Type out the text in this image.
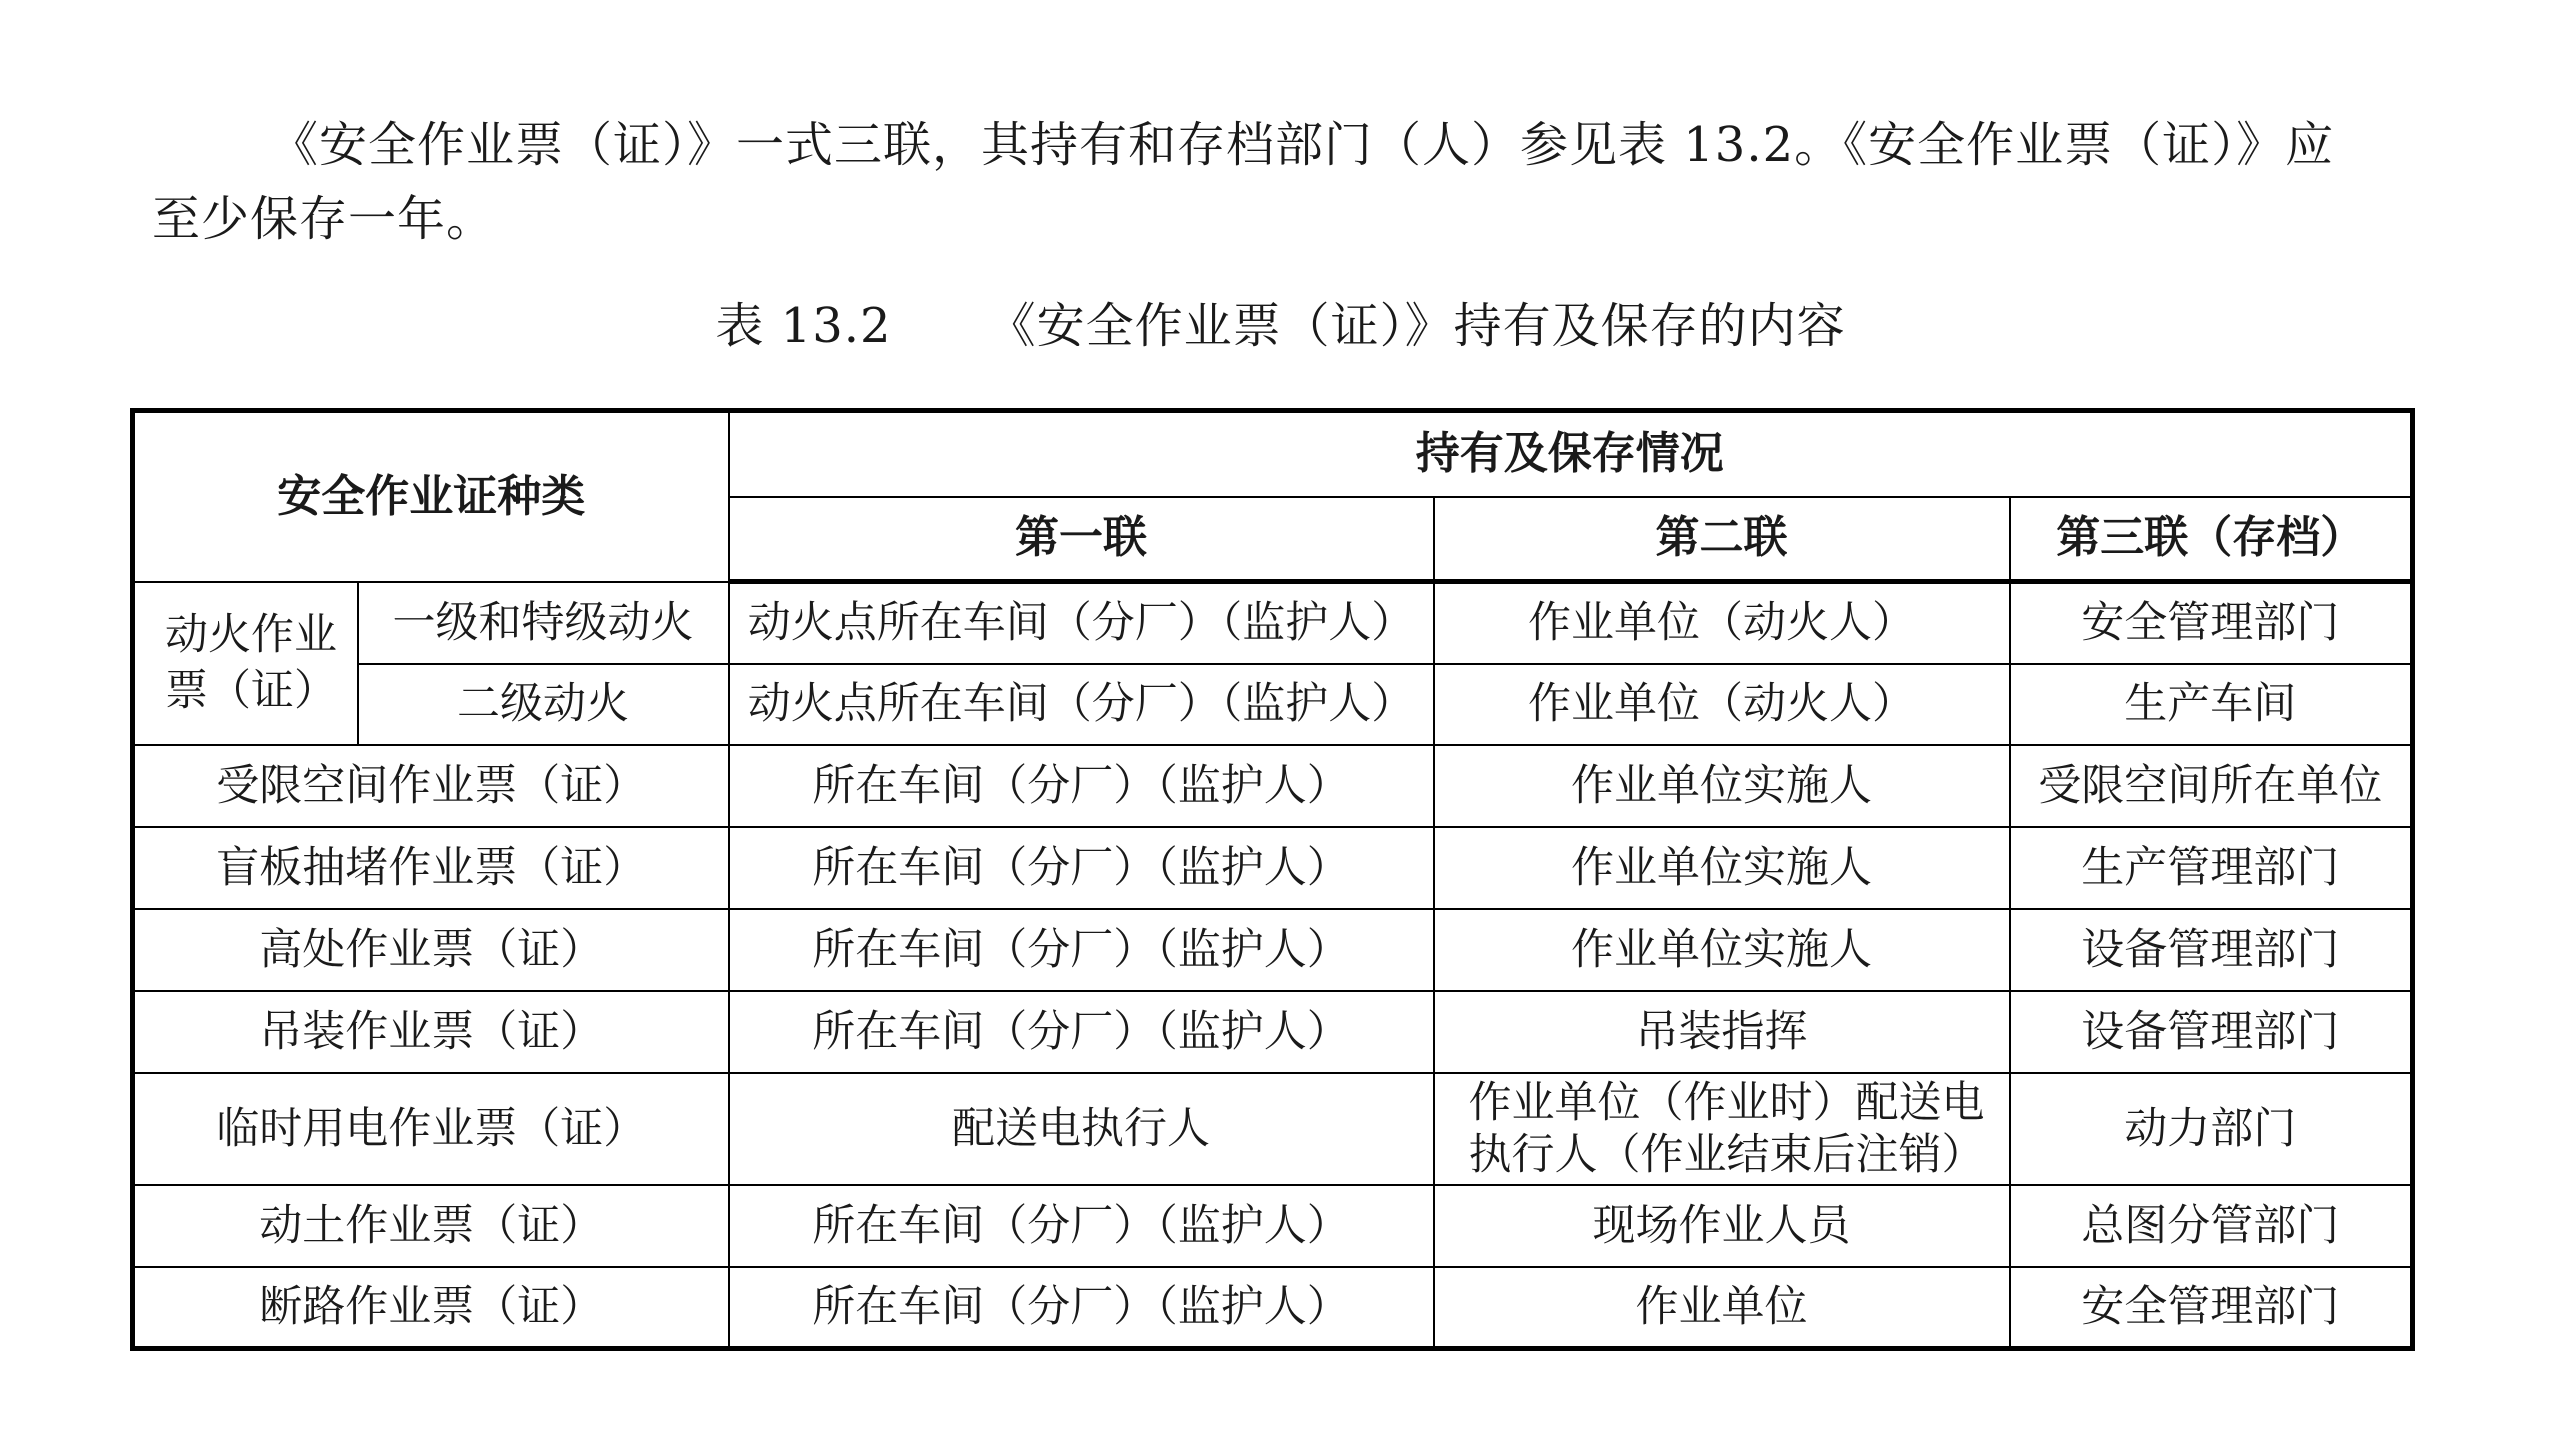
《安全作业票（证）》一式三联，其持有和存档部门（人）参见表 13.2。《安全作业票（证）》应至少保存一年。

表 13.2 《安全作业票（证）》持有及保存的内容
安全作业证种类		持有及保存情况		
		第一联	第二联	第三联（存档）
动火作业票（证）	一级和特级动火	动火点所在车间（分厂）（监护人）	作业单位（动火人）	安全管理部门
	二级动火	动火点所在车间（分厂）（监护人）	作业单位（动火人）	生产车间
受限空间作业票（证）		所在车间（分厂）（监护人）	作业单位实施人	受限空间所在单位
盲板抽堵作业票（证）		所在车间（分厂）（监护人）	作业单位实施人	生产管理部门
高处作业票（证）		所在车间（分厂）（监护人）	作业单位实施人	设备管理部门
吊装作业票（证）		所在车间（分厂）（监护人）	吊装指挥	设备管理部门
临时用电作业票（证）		配送电执行人	作业单位（作业时）配送电执行人（作业结束后注销）	动力部门
动土作业票（证）		所在车间（分厂）（监护人）	现场作业人员	总图分管部门
断路作业票（证）		所在车间（分厂）（监护人）	作业单位	安全管理部门
